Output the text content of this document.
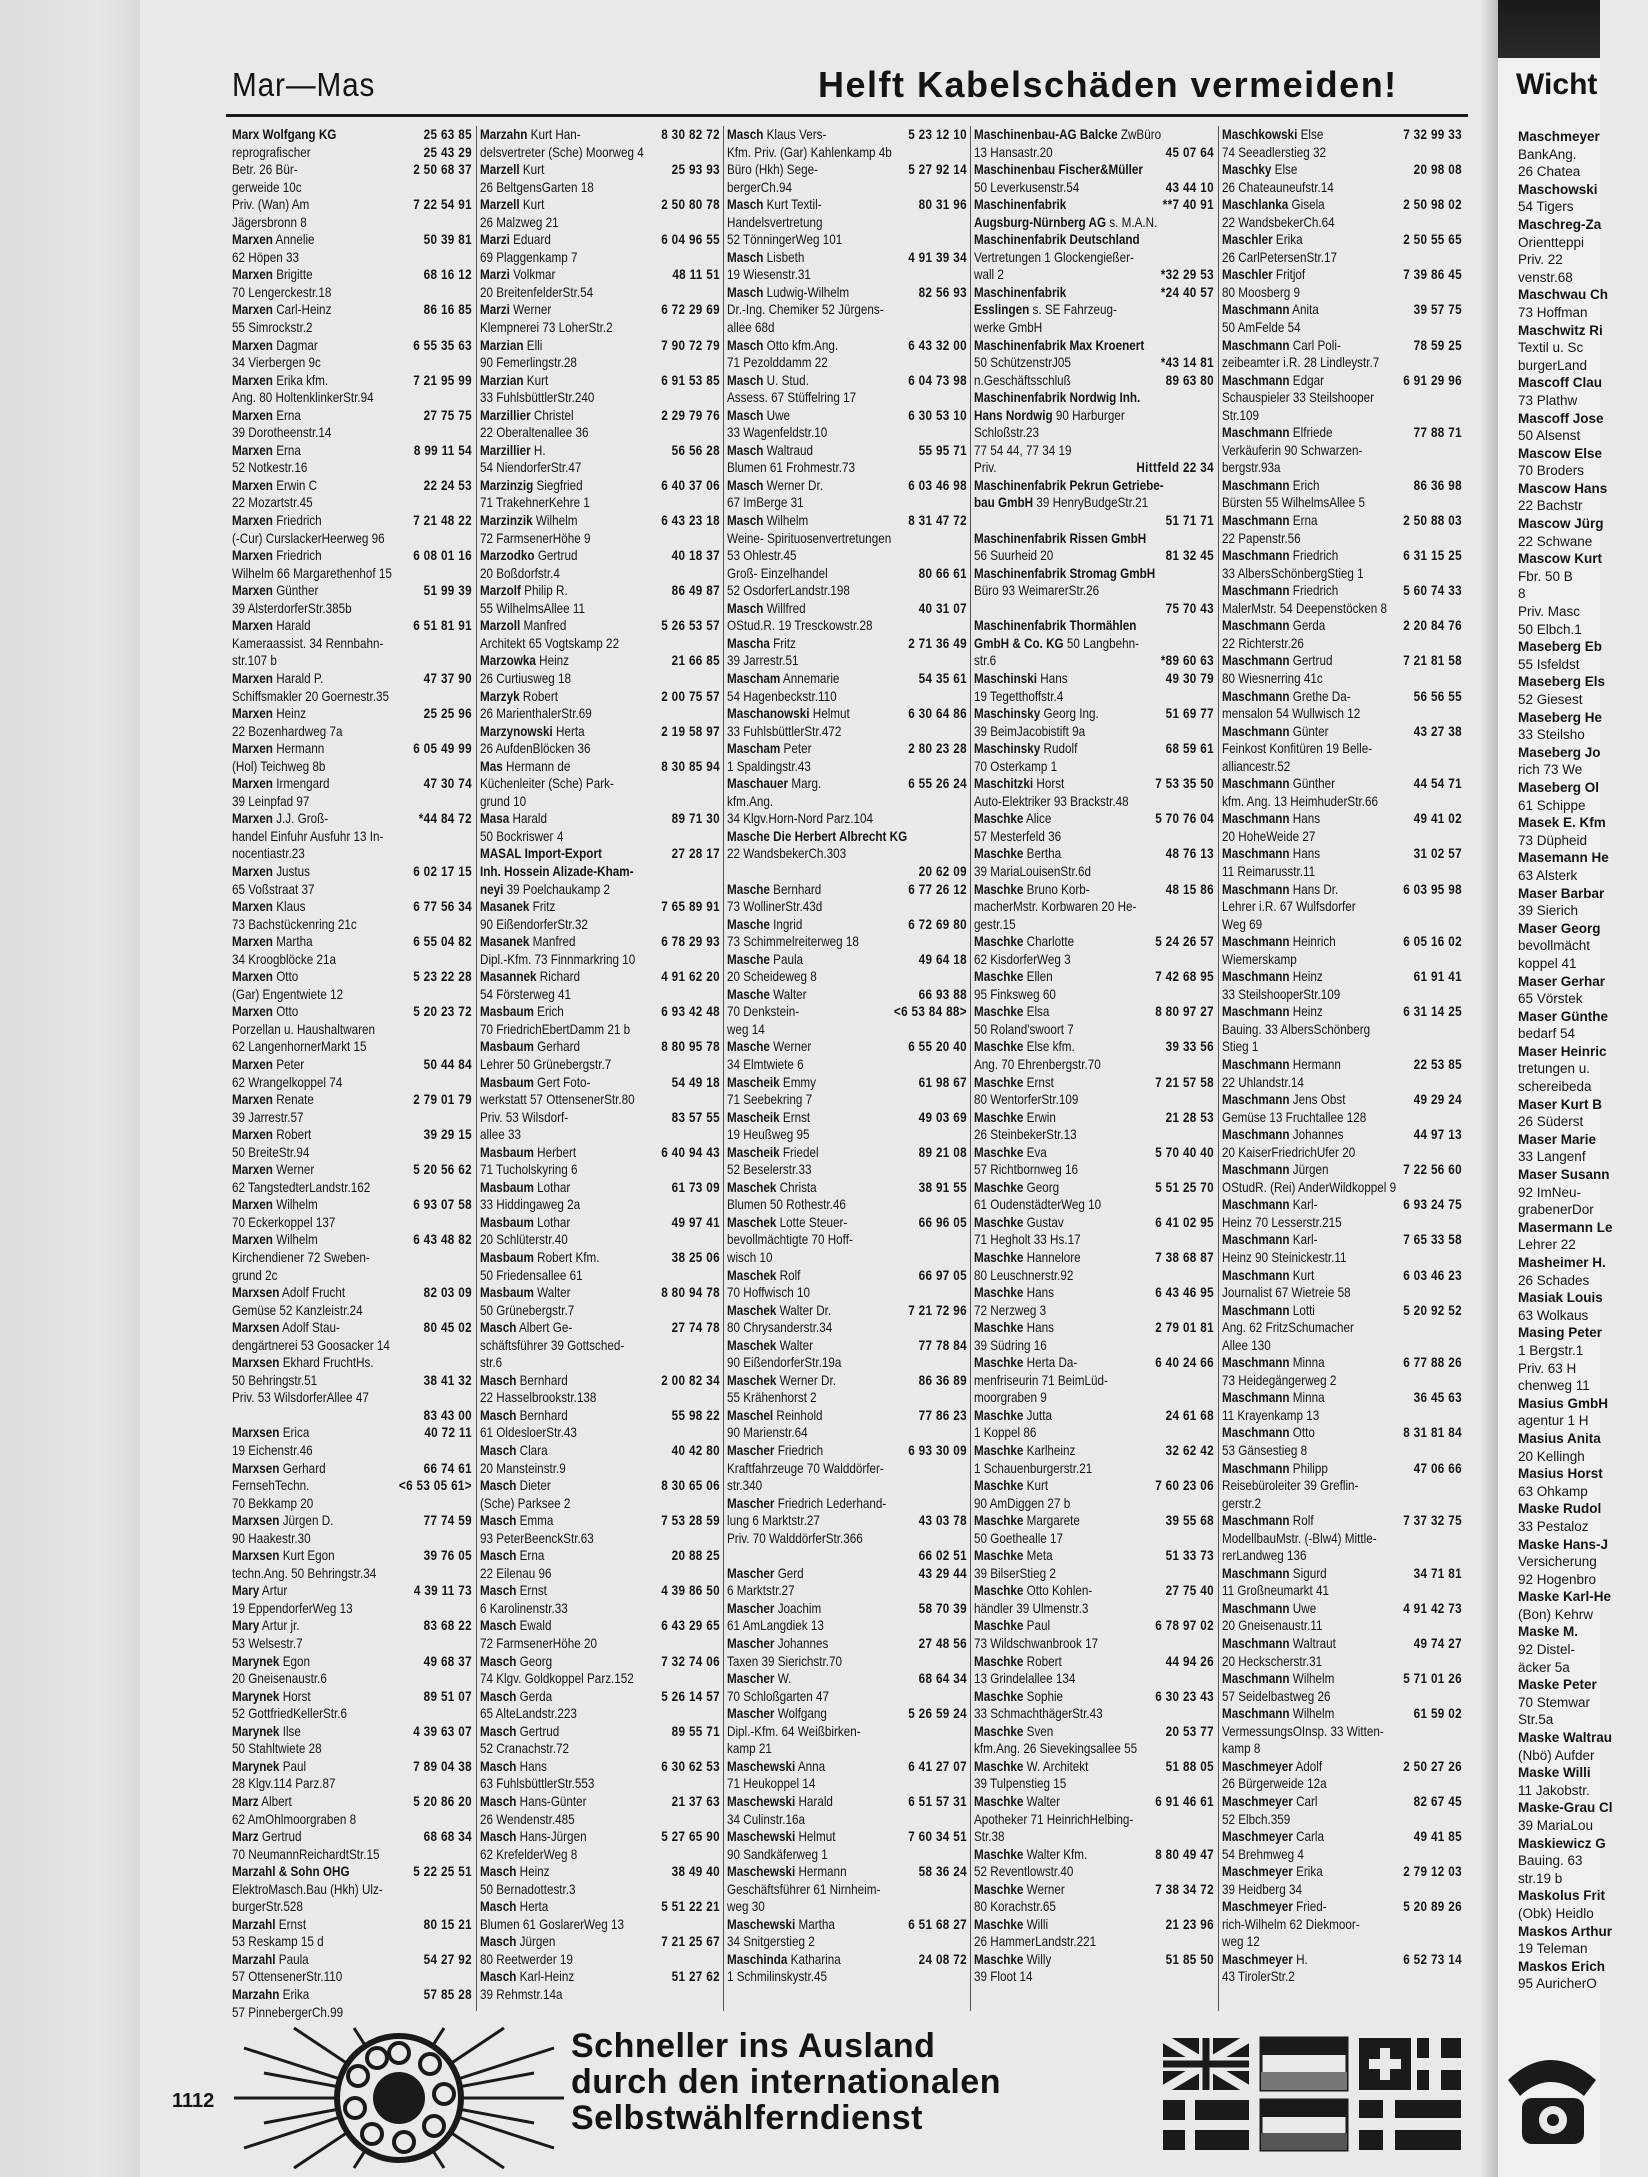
Mar—Mas	Helft Kabelschäden vermeiden!
Marx Wolfgang KG	25 63 85
reprografischer	25 43 29
Betr. 26 Bür-	2 50 68 37
gerweide 10c
Priv. (Wan) Am	7 22 54 91
Jägersbronn 8
Marxen Annelie	50 39 81
62 Höpen 33
Marxen Brigitte	68 16 12
70 Lengerckestr.18
Marxen Carl-Heinz	86 16 85
55 Simrockstr.2
Marxen Dagmar	6 55 35 63
34 Vierbergen 9c
Marxen Erika kfm.	7 21 95 99
Ang. 80 HoltenklinkerStr.94
Marxen Erna	27 75 75
39 Dorotheenstr.14
Marxen Erna	8 99 11 54
52 Notkestr.16
Marxen Erwin C	22 24 53
22 Mozartstr.45
Marxen Friedrich	7 21 48 22
(-Cur) CurslackerHeerweg 96
Marxen Friedrich	6 08 01 16
Wilhelm 66 Margarethenhof 15
Marxen Günther	51 99 39
39 AlsterdorferStr.385b
Marxen Harald	6 51 81 91
Kameraassist. 34 Rennbahn-
str.107 b
Marxen Harald P.	47 37 90
Schiffsmakler 20 Goernestr.35
Marxen Heinz	25 25 96
22 Bozenhardweg 7a
Marxen Hermann	6 05 49 99
(Hol) Teichweg 8b
Marxen Irmengard	47 30 74
39 Leinpfad 97
Marxen J.J. Groß-	*44 84 72
handel Einfuhr Ausfuhr 13 In-
nocentiastr.23
Marxen Justus	6 02 17 15
65 Voßstraat 37
Marxen Klaus	6 77 56 34
73 Bachstückenring 21c
Marxen Martha	6 55 04 82
34 Kroogblöcke 21a
Marxen Otto	5 23 22 28
(Gar) Engentwiete 12
Marxen Otto	5 20 23 72
Porzellan u. Haushaltwaren
62 LangenhornerMarkt 15
Marxen Peter	50 44 84
62 Wrangelkoppel 74
Marxen Renate	2 79 01 79
39 Jarrestr.57
Marxen Robert	39 29 15
50 BreiteStr.94
Marxen Werner	5 20 56 62
62 TangstedterLandstr.162
Marxen Wilhelm	6 93 07 58
70 Eckerkoppel 137
Marxen Wilhelm	6 43 48 82
Kirchendiener 72 Sweben-
grund 2c
Marxsen Adolf Frucht	82 03 09
Gemüse 52 Kanzleistr.24
Marxsen Adolf Stau-	80 45 02
dengärtnerei 53 Goosacker 14
Marxsen Ekhard FruchtHs.
50 Behringstr.51	38 41 32
Priv. 53 WilsdorferAllee 47
83 43 00
Marxsen Erica	40 72 11
19 Eichenstr.46
Marxsen Gerhard	66 74 61
FernsehTechn.	<6 53 05 61>
70 Bekkamp 20
Marxsen Jürgen D.	77 74 59
90 Haakestr.30
Marxsen Kurt Egon	39 76 05
techn.Ang. 50 Behringstr.34
Mary Artur	4 39 11 73
19 EppendorferWeg 13
Mary Artur jr.	83 68 22
53 Welsestr.7
Marynek Egon	49 68 37
20 Gneisenaustr.6
Marynek Horst	89 51 07
52 GottfriedKellerStr.6
Marynek Ilse	4 39 63 07
50 Stahltwiete 28
Marynek Paul	7 89 04 38
28 Klgv.114 Parz.87
Marz Albert	5 20 86 20
62 AmOhlmoorgraben 8
Marz Gertrud	68 68 34
70 NeumannReichardtStr.15
Marzahl & Sohn OHG	5 22 25 51
ElektroMasch.Bau (Hkh) Ulz-
burgerStr.528
Marzahl Ernst	80 15 21
53 Reskamp 15 d
Marzahl Paula	54 27 92
57 OttensenerStr.110
Marzahn Erika	57 85 28
57 PinnebergerCh.99
Marzahn Kurt Han-	8 30 82 72
delsvertreter (Sche) Moorweg 4
Marzell Kurt	25 93 93
26 BeltgensGarten 18
Marzell Kurt	2 50 80 78
26 Malzweg 21
Marzi Eduard	6 04 96 55
69 Plaggenkamp 7
Marzi Volkmar	48 11 51
20 BreitenfelderStr.54
Marzi Werner	6 72 29 69
Klempnerei 73 LoherStr.2
Marzian Elli	7 90 72 79
90 Femerlingstr.28
Marzian Kurt	6 91 53 85
33 FuhlsbüttlerStr.240
Marzillier Christel	2 29 79 76
22 Oberaltenallee 36
Marzillier H.	56 56 28
54 NiendorferStr.47
Marzinzig Siegfried	6 40 37 06
71 TrakehnerKehre 1
Marzinzik Wilhelm	6 43 23 18
72 FarmsenerHöhe 9
Marzodko Gertrud	40 18 37
20 Boßdorfstr.4
Marzolf Philip R.	86 49 87
55 WilhelmsAllee 11
Marzoll Manfred	5 26 53 57
Architekt 65 Vogtskamp 22
Marzowka Heinz	21 66 85
26 Curtiusweg 18
Marzyk Robert	2 00 75 57
26 MarienthalerStr.69
Marzynowski Herta	2 19 58 97
26 AufdenBlöcken 36
Mas Hermann de	8 30 85 94
Küchenleiter (Sche) Park-
grund 10
Masa Harald	89 71 30
50 Bockriswег 4
MASAL Import-Export	27 28 17
Inh. Hossein Alizade-Kham-
neyi 39 Poelchaukamp 2
Masanek Fritz	7 65 89 91
90 EißendorferStr.32
Masanek Manfred	6 78 29 93
Dipl.-Kfm. 73 Finnmarkring 10
Masannek Richard	4 91 62 20
54 Försterweg 41
Masbaum Erich	6 93 42 48
70 FriedrichEbertDamm 21 b
Masbaum Gerhard	8 80 95 78
Lehrer 50 Grünebergstr.7
Masbaum Gert Foto-	54 49 18
werkstatt 57 OttensenerStr.80
Priv. 53 Wilsdorf-	83 57 55
allee 33
Masbaum Herbert	6 40 94 43
71 Tucholskyring 6
Masbaum Lothar	61 73 09
33 Hiddingaweg 2a
Masbaum Lothar	49 97 41
20 Schlüterstr.40
Masbaum Robert Kfm.	38 25 06
50 Friedensallee 61
Masbaum Walter	8 80 94 78
50 Grünebergstr.7
Masch Albert Ge-	27 74 78
schäftsführer 39 Gottsched-
str.6
Masch Bernhard	2 00 82 34
22 Hasselbrookstr.138
Masch Bernhard	55 98 22
61 OldesloerStr.43
Masch Clara	40 42 80
20 Mansteinstr.9
Masch Dieter	8 30 65 06
(Sche) Parksee 2
Masch Emma	7 53 28 59
93 PeterBeenckStr.63
Masch Erna	20 88 25
22 Eilenau 96
Masch Ernst	4 39 86 50
6 Karolinenstr.33
Masch Ewald	6 43 29 65
72 FarmsenerHöhe 20
Masch Georg	7 32 74 06
74 Klgv. Goldkoppel Parz.152
Masch Gerda	5 26 14 57
65 AlteLandstr.223
Masch Gertrud	89 55 71
52 Cranachstr.72
Masch Hans	6 30 62 53
63 FuhlsbüttlerStr.553
Masch Hans-Günter	21 37 63
26 Wendenstr.485
Masch Hans-Jürgen	5 27 65 90
62 KrefelderWeg 8
Masch Heinz	38 49 40
50 Bernadottestr.3
Masch Herta	5 51 22 21
Blumen 61 GoslarerWeg 13
Masch Jürgen	7 21 25 67
80 Reetwerder 19
Masch Karl-Heinz	51 27 62
39 Rehmstr.14a
Masch Klaus Vers-	5 23 12 10
Kfm. Priv. (Gar) Kahlenkamp 4b
Büro (Hkh) Sege-	5 27 92 14
bergerCh.94
Masch Kurt Textil-	80 31 96
Handelsvertretung
52 TönningerWeg 101
Masch Lisbeth	4 91 39 34
19 Wiesenstr.31
Masch Ludwig-Wilhelm	82 56 93
Dr.-Ing. Chemiker 52 Jürgens-
allee 68d
Masch Otto kfm.Ang.	6 43 32 00
71 Pezolddamm 22
Masch U. Stud.	6 04 73 98
Assess. 67 Stüffelring 17
Masch Uwe	6 30 53 10
33 Wagenfeldstr.10
Masch Waltraud	55 95 71
Blumen 61 Frohmestr.73
Masch Werner Dr.	6 03 46 98
67 ImBerge 31
Masch Wilhelm	8 31 47 72
Weine- Spirituosenvertretungen
53 Ohlestr.45
Groß- Einzelhandel	80 66 61
52 OsdorferLandstr.198
Masch Willfred	40 31 07
OStud.R. 19 Tresckowstr.28
Mascha Fritz	2 71 36 49
39 Jarrestr.51
Mascham Annemarie	54 35 61
54 Hagenbeckstr.110
Maschanowski Helmut	6 30 64 86
33 FuhlsbüttlerStr.472
Mascham Peter	2 80 23 28
1 Spaldingstr.43
Maschauer Marg.	6 55 26 24
kfm.Ang.
34 Klgv.Horn-Nord Parz.104
Masche Die Herbert Albrecht KG
22 WandsbekerCh.303
20 62 09
Masche Bernhard	6 77 26 12
73 WollinerStr.43d
Masche Ingrid	6 72 69 80
73 Schimmelreiterweg 18
Masche Paula	49 64 18
20 Scheideweg 8
Masche Walter	66 93 88
70 Denkstein-	<6 53 84 88>
weg 14
Masche Werner	6 55 20 40
34 Elmtwiete 6
Mascheik Emmy	61 98 67
71 Seebekring 7
Mascheik Ernst	49 03 69
19 Heußweg 95
Mascheik Friedel	89 21 08
52 Beselerstr.33
Maschek Christa	38 91 55
Blumen 50 Rothestr.46
Maschek Lotte Steuer-	66 96 05
bevollmächtigte 70 Hoff-
wisch 10
Maschek Rolf	66 97 05
70 Hoffwisch 10
Maschek Walter Dr.	7 21 72 96
80 Chrysanderstr.34
Maschek Walter	77 78 84
90 EißendorferStr.19a
Maschek Werner Dr.	86 36 89
55 Krähenhorst 2
Maschel Reinhold	77 86 23
90 Marienstr.64
Mascher Friedrich	6 93 30 09
Kraftfahrzeuge 70 Walddörfer-
str.340
Mascher Friedrich Lederhand-
lung 6 Marktstr.27	43 03 78
Priv. 70 WalddörferStr.366
66 02 51
Mascher Gerd	43 29 44
6 Marktstr.27
Mascher Joachim	58 70 39
61 AmLangdiek 13
Mascher Johannes	27 48 56
Taxen 39 Sierichstr.70
Mascher W.	68 64 34
70 Schloßgarten 47
Mascher Wolfgang	5 26 59 24
Dipl.-Kfm. 64 Weißbirken-
kamp 21
Maschewski Anna	6 41 27 07
71 Heukoppel 14
Maschewski Harald	6 51 57 31
34 Culinstr.16a
Maschewski Helmut	7 60 34 51
90 Sandkäferweg 1
Maschewski Hermann	58 36 24
Geschäftsführer 61 Nirnheim-
weg 30
Maschewski Martha	6 51 68 27
34 Snitgerstieg 2
Maschinda Katharina	24 08 72
1 Schmilinskystr.45
Maschinenbau-AG Balcke ZwBüro
13 Hansastr.20	45 07 64
Maschinenbau Fischer&Müller
50 Leverkusenstr.54	43 44 10
Maschinenfabrik	**7 40 91
Augsburg-Nürnberg AG s. M.A.N.
Maschinenfabrik Deutschland
Vertretungen 1 Glockengießer-
wall 2	*32 29 53
Maschinenfabrik	*24 40 57
Esslingen s. SE Fahrzeug-
werke GmbH
Maschinenfabrik Max Kroenert
50 SchützenstrJ05	*43 14 81
n.Geschäftsschluß	89 63 80
Maschinenfabrik Nordwig Inh.
Hans Nordwig 90 Harburger
Schloßstr.23
77 54 44, 77 34 19
Priv.	Hittfeld 22 34
Maschinenfabrik Pekrun Getriebe-
bau GmbH 39 HenryBudgeStr.21
51 71 71
Maschinenfabrik Rissen GmbH
56 Suurheid 20	81 32 45
Maschinenfabrik Stromag GmbH
Büro 93 WeimarerStr.26
75 70 43
Maschinenfabrik Thormählen
GmbH & Co. KG 50 Langbehn-
str.6	*89 60 63
Maschinski Hans	49 30 79
19 Tegetthoffstr.4
Maschinsky Georg Ing.	51 69 77
39 BeimJacobistift 9a
Maschinsky Rudolf	68 59 61
70 Osterkamp 1
Maschitzki Horst	7 53 35 50
Auto-Elektriker 93 Brackstr.48
Maschke Alice	5 70 76 04
57 Mesterfeld 36
Maschke Bertha	48 76 13
39 MariaLouisenStr.6d
Maschke Bruno Korb-	48 15 86
macherMstr. Korbwaren 20 He-
gestr.15
Maschke Charlotte	5 24 26 57
62 KisdorferWeg 3
Maschke Ellen	7 42 68 95
95 Finksweg 60
Maschke Elsa	8 80 97 27
50 Roland'swoort 7
Maschke Else kfm.	39 33 56
Ang. 70 Ehrenbergstr.70
Maschke Ernst	7 21 57 58
80 WentorferStr.109
Maschke Erwin	21 28 53
26 SteinbekerStr.13
Maschke Eva	5 70 40 40
57 Richtbornweg 16
Maschke Georg	5 51 25 70
61 OudenstädterWeg 10
Maschke Gustav	6 41 02 95
71 Hegholt 33 Hs.17
Maschke Hannelore	7 38 68 87
80 Leuschnerstr.92
Maschke Hans	6 43 46 95
72 Nerzweg 3
Maschke Hans	2 79 01 81
39 Südring 16
Maschke Herta Da-	6 40 24 66
menfriseurin 71 BeimLüd-
moorgraben 9
Maschke Jutta	24 61 68
1 Koppel 86
Maschke Karlheinz	32 62 42
1 Schauenburgerstr.21
Maschke Kurt	7 60 23 06
90 AmDiggen 27 b
Maschke Margarete	39 55 68
50 Goethealle 17
Maschke Meta	51 33 73
39 BilserStieg 2
Maschke Otto Kohlen-	27 75 40
händler 39 Ulmenstr.3
Maschke Paul	6 78 97 02
73 Wildschwanbrook 17
Maschke Robert	44 94 26
13 Grindelallee 134
Maschke Sophie	6 30 23 43
33 SchmachthägerStr.43
Maschke Sven	20 53 77
kfm.Ang. 26 Sievekingsallee 55
Maschke W. Architekt	51 88 05
39 Tulpenstieg 15
Maschke Walter	6 91 46 61
Apotheker 71 HeinrichHelbing-
Str.38
Maschke Walter Kfm.	8 80 49 47
52 Reventlowstr.40
Maschke Werner	7 38 34 72
80 Korachstr.65
Maschke Willi	21 23 96
26 HammerLandstr.221
Maschke Willy	51 85 50
39 Floot 14
Maschkowski Else	7 32 99 33
74 Seeadlerstieg 32
Maschky Else	20 98 08
26 Chateauneufstr.14
Maschlanka Gisela	2 50 98 02
22 WandsbekerCh.64
Maschler Erika	2 50 55 65
26 CarlPetersenStr.17
Maschler Fritjof	7 39 86 45
80 Moosberg 9
Maschmann Anita	39 57 75
50 AmFelde 54
Maschmann Carl Poli-	78 59 25
zeibeamter i.R. 28 Lindleystr.7
Maschmann Edgar	6 91 29 96
Schauspieler 33 Steilshooper
Str.109
Maschmann Elfriede	77 88 71
Verkäuferin 90 Schwarzen-
bergstr.93a
Maschmann Erich	86 36 98
Bürsten 55 WilhelmsAllee 5
Maschmann Erna	2 50 88 03
22 Papenstr.56
Maschmann Friedrich	6 31 15 25
33 AlbersSchönbergStieg 1
Maschmann Friedrich	5 60 74 33
MalerMstr. 54 Deepenstöcken 8
Maschmann Gerda	2 20 84 76
22 Richterstr.26
Maschmann Gertrud	7 21 81 58
80 Wiesnerring 41c
Maschmann Grethe Da-	56 56 55
mensalon 54 Wullwisch 12
Maschmann Günter	43 27 38
Feinkost Konfitüren 19 Belle-
alliancestr.52
Maschmann Günther	44 54 71
kfm. Ang. 13 HeimhuderStr.66
Maschmann Hans	49 41 02
20 HoheWeide 27
Maschmann Hans	31 02 57
11 Reimarusstr.11
Maschmann Hans Dr.	6 03 95 98
Lehrer i.R. 67 Wulfsdorfer
Weg 69
Maschmann Heinrich	6 05 16 02
Wiemerskamp
Maschmann Heinz	61 91 41
33 SteilshooperStr.109
Maschmann Heinz	6 31 14 25
Bauing. 33 AlbersSchönberg
Stieg 1
Maschmann Hermann	22 53 85
22 Uhlandstr.14
Maschmann Jens Obst	49 29 24
Gemüse 13 Fruchtallee 128
Maschmann Johannes	44 97 13
20 KaiserFriedrichUfer 20
Maschmann Jürgen	7 22 56 60
OStudR. (Rei) AnderWildkoppel 9
Maschmann Karl-	6 93 24 75
Heinz 70 Lesserstr.215
Maschmann Karl-	7 65 33 58
Heinz 90 Steinickestr.11
Maschmann Kurt	6 03 46 23
Journalist 67 Wietreie 58
Maschmann Lotti	5 20 92 52
Ang. 62 FritzSchumacher
Allee 130
Maschmann Minna	6 77 88 26
73 Heidegängerweg 2
Maschmann Minna	36 45 63
11 Krayenkamp 13
Maschmann Otto	8 31 81 84
53 Gänsestieg 8
Maschmann Philipp	47 06 66
Reisebüroleiter 39 Greflin-
gerstr.2
Maschmann Rolf	7 37 32 75
ModellbauMstr. (-Blw4) Mittle-
rerLandweg 136
Maschmann Sigurd	34 71 81
11 Großneumarkt 41
Maschmann Uwe	4 91 42 73
20 Gneisenaustr.11
Maschmann Waltraut	49 74 27
20 Heckscherstr.31
Maschmann Wilhelm	5 71 01 26
57 Seidelbastweg 26
Maschmann Wilhelm	61 59 02
VermessungsOInsp. 33 Witten-
kamp 8
Maschmeyer Adolf	2 50 27 26
26 Bürgerweide 12a
Maschmeyer Carl	82 67 45
52 Elbch.359
Maschmeyer Carla	49 41 85
54 Brehmweg 4
Maschmeyer Erika	2 79 12 03
39 Heidberg 34
Maschmeyer Fried-	5 20 89 26
rich-Wilhelm 62 Diekmoor-
weg 12
Maschmeyer H.	6 52 73 14
43 TirolerStr.2
1112
Schneller ins Ausland
durch den internationalen
Selbstwählferndienst
Wicht
Maschmeyer
BankAng.
26 Chatea
Maschowski
54 Tigers
Maschreg-Za
Orientteppi
Priv. 22
venstr.68
Maschwau Ch
73 Hoffman
Maschwitz Ri
Textil u. Sc
burgerLand
Mascoff Clau
73 Plathw
Mascoff Jose
50 Alsenst
Mascow Else
70 Broders
Mascow Hans
22 Bachstr
Mascow Jürg
22 Schwane
Mascow Kurt
Fbr. 50 B
8
Priv. Masc
50 Elbch.1
Maseberg Eb
55 Isfeldst
Maseberg Els
52 Giesest
Maseberg He
33 Steilsho
Maseberg Jo
rich 73 We
Maseberg Ol
61 Schippe
Masek E. Kfm
73 Düpheid
Masemann He
63 Alsterk
Maser Barbar
39 Sierich
Maser Georg
bevollmächt
koppel 41
Maser Gerhar
65 Vörstek
Maser Günthe
bedarf 54
Maser Heinric
tretungen u.
schereibeda
Maser Kurt B
26 Süderst
Maser Marie
33 Langenf
Maser Susann
92 ImNeu-
grabenerDor
Masermann Le
Lehrer 22
Masheimer H.
26 Schades
Masiak Louis
63 Wolkaus
Masing Peter
1 Bergstr.1
Priv. 63 H
chenweg 11
Masius GmbH
agentur 1 H
Masius Anita
20 Kellingh
Masius Horst
63 Ohkamp
Maske Rudol
33 Pestaloz
Maske Hans-J
Versicherung
92 Hogenbro
Maske Karl-He
(Bon) Kehrw
Maske M.
92 Distel-
äcker 5a
Maske Peter
70 Stemwar
Str.5a
Maske Waltrau
(Nbö) Aufder
Maske Willi
11 Jakobstr.
Maske-Grau Cl
39 MariaLou
Maskiewicz G
Bauing. 63
str.19 b
Maskolus Frit
(Obk) Heidlo
Maskos Arthur
19 Teleman
Maskos Erich
95 AuricherO
